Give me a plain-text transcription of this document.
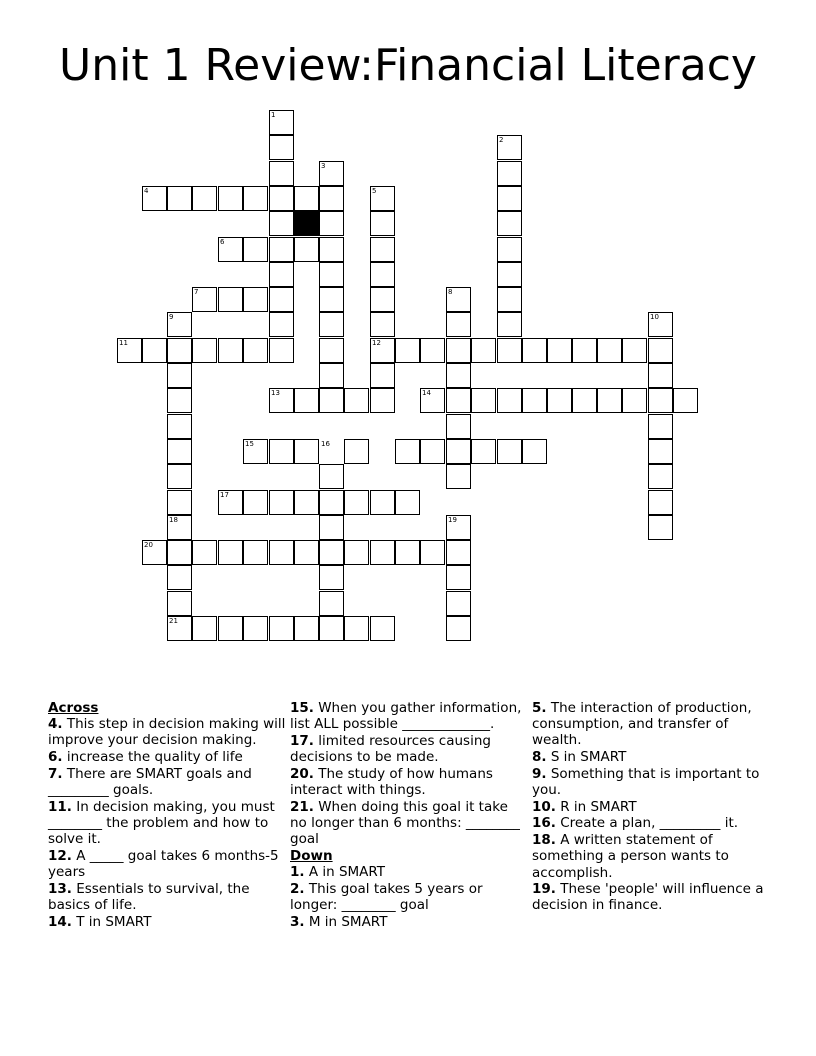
Unit 1 Review:Financial Literacy
1
2
3
4	5
6
7	8
9	10
11	12
13	14
15	16
17
18	19
20
21
Across
4. This step in decision making will improve your decision making.
6. increase the quality of life
7. There are SMART goals and _________ goals.
11. In decision making, you must ________ the problem and how to solve it.
12. A _____ goal takes 6 months-5 years
13. Essentials to survival, the basics of life.
14. T in SMART
15. When you gather information, list ALL possible _____________.
17. limited resources causing decisions to be made.
20. The study of how humans interact with things.
21. When doing this goal it take no longer than 6 months: ________ goal
Down
1. A in SMART
2. This goal takes 5 years or longer: ________ goal
3. M in SMART
5. The interaction of production, consumption, and transfer of wealth.
8. S in SMART
9. Something that is important to you.
10. R in SMART
16. Create a plan, _________ it.
18. A written statement of something a person wants to accomplish.
19. These 'people' will influence a decision in finance.
